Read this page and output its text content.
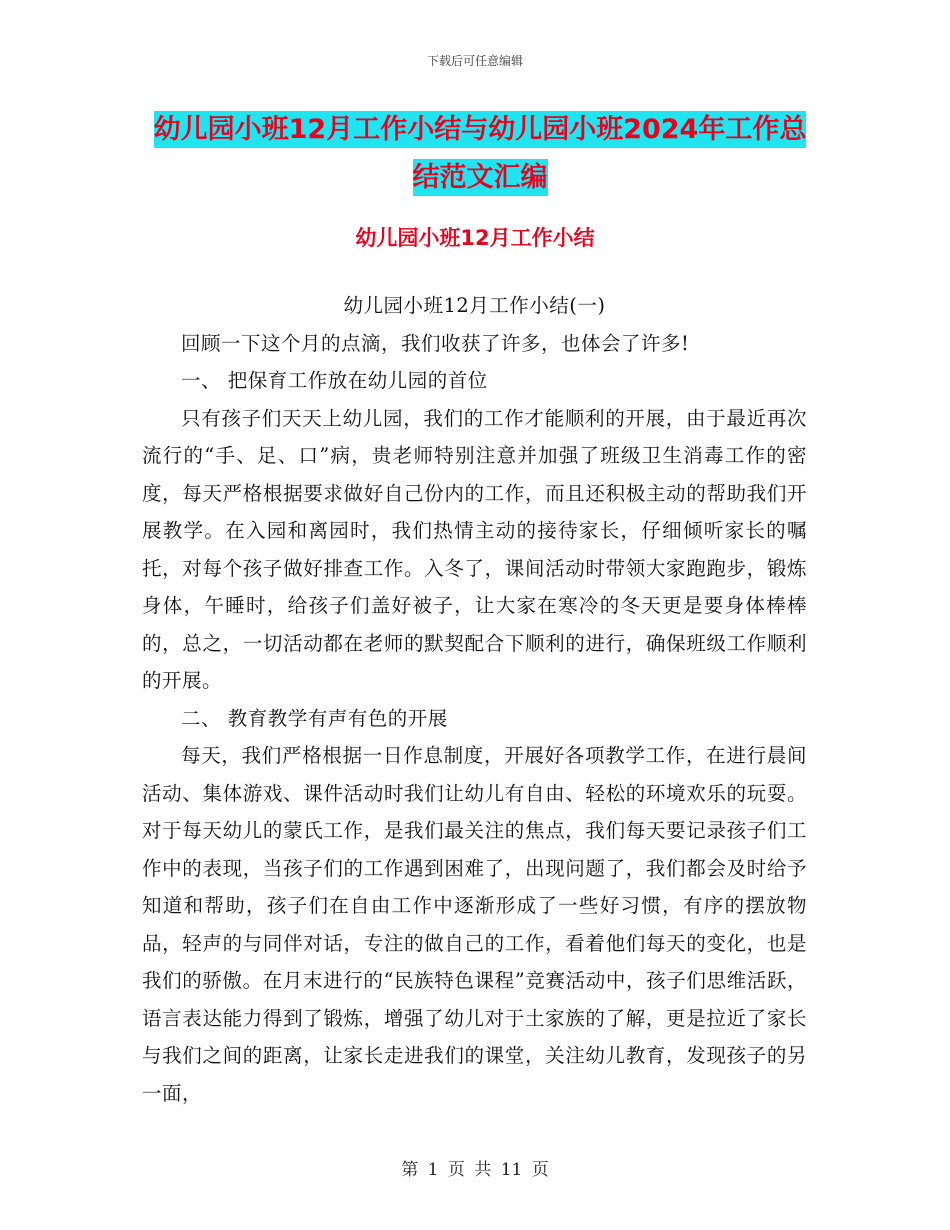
下载后可任意编辑
幼儿园小班12月工作小结与幼儿园小班2024年工作总结范文汇编
幼儿园小班12月工作小结

幼儿园小班12月工作小结(一)

回顾一下这个月的点滴，我们收获了许多，也体会了许多!

一、 把保育工作放在幼儿园的首位

只有孩子们天天上幼儿园，我们的工作才能顺利的开展，由于最近再次流行的“手、足、口”病，贵老师特别注意并加强了班级卫生消毒工作的密度，每天严格根据要求做好自己份内的工作，而且还积极主动的帮助我们开展教学。在入园和离园时，我们热情主动的接待家长，仔细倾听家长的嘱托，对每个孩子做好排查工作。入冬了，课间活动时带领大家跑跑步，锻炼身体，午睡时，给孩子们盖好被子，让大家在寒冷的冬天更是要身体棒棒的，总之，一切活动都在老师的默契配合下顺利的进行，确保班级工作顺利的开展。

二、 教育教学有声有色的开展

每天，我们严格根据一日作息制度，开展好各项教学工作，在进行晨间活动、集体游戏、课件活动时我们让幼儿有自由、轻松的环境欢乐的玩耍。对于每天幼儿的蒙氏工作，是我们最关注的焦点，我们每天要记录孩子们工作中的表现，当孩子们的工作遇到困难了，出现问题了，我们都会及时给予知道和帮助，孩子们在自由工作中逐渐形成了一些好习惯，有序的摆放物品，轻声的与同伴对话，专注的做自己的工作，看着他们每天的变化，也是我们的骄傲。在月末进行的“民族特色课程”竞赛活动中，孩子们思维活跃，语言表达能力得到了锻炼，增强了幼儿对于土家族的了解，更是拉近了家长与我们之间的距离，让家长走进我们的课堂，关注幼儿教育，发现孩子的另一面，

第 1 页 共 11 页
